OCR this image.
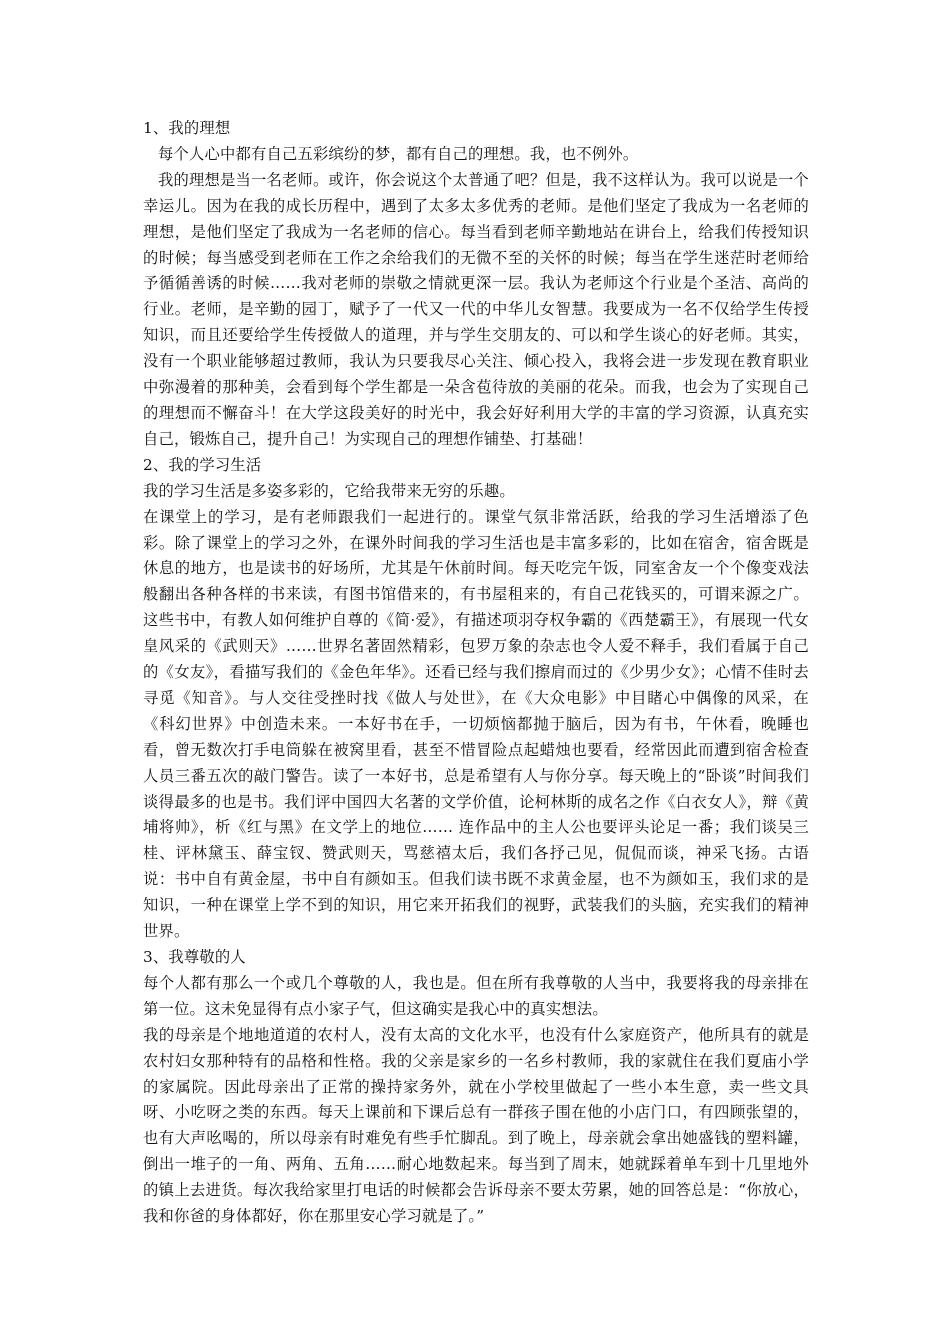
1、我的理想

每个人心中都有自己五彩缤纷的梦，都有自己的理想。我，也不例外。

我的理想是当一名老师。或许，你会说这个太普通了吧？但是，我不这样认为。我可以说是一个幸运儿。因为在我的成长历程中，遇到了太多太多优秀的老师。是他们坚定了我成为一名老师的理想，是他们坚定了我成为一名老师的信心。每当看到老师辛勤地站在讲台上，给我们传授知识的时候；每当感受到老师在工作之余给我们的无微不至的关怀的时候；每当在学生迷茫时老师给予循循善诱的时候……我对老师的崇敬之情就更深一层。我认为老师这个行业是个圣洁、高尚的行业。老师，是辛勤的园丁，赋予了一代又一代的中华儿女智慧。我要成为一名不仅给学生传授知识，而且还要给学生传授做人的道理，并与学生交朋友的、可以和学生谈心的好老师。其实，没有一个职业能够超过教师，我认为只要我尽心关注、倾心投入，我将会进一步发现在教育职业中弥漫着的那种美，会看到每个学生都是一朵含苞待放的美丽的花朵。而我，也会为了实现自己的理想而不懈奋斗！在大学这段美好的时光中，我会好好利用大学的丰富的学习资源，认真充实自己，锻炼自己，提升自己！为实现自己的理想作铺垫、打基础！

2、我的学习生活

我的学习生活是多姿多彩的，它给我带来无穷的乐趣。

在课堂上的学习，是有老师跟我们一起进行的。课堂气氛非常活跃，给我的学习生活增添了色彩。除了课堂上的学习之外，在课外时间我的学习生活也是丰富多彩的，比如在宿舍，宿舍既是休息的地方，也是读书的好场所，尤其是午休前时间。每天吃完午饭，同室舍友一个个像变戏法般翻出各种各样的书来读，有图书馆借来的，有书屋租来的，有自己花钱买的，可谓来源之广。这些书中，有教人如何维护自尊的《简·爱》，有描述项羽夺权争霸的《西楚霸王》，有展现一代女皇风采的《武则天》……世界名著固然精彩，包罗万象的杂志也令人爱不释手，我们看属于自己的《女友》，看描写我们的《金色年华》。还看已经与我们擦肩而过的《少男少女》；心情不佳时去寻觅《知音》。与人交往受挫时找《做人与处世》，在《大众电影》中目睹心中偶像的风采，在《科幻世界》中创造未来。一本好书在手，一切烦恼都抛于脑后，因为有书，午休看，晚睡也看，曾无数次打手电筒躲在被窝里看，甚至不惜冒险点起蜡烛也要看，经常因此而遭到宿舍检查人员三番五次的敲门警告。读了一本好书，总是希望有人与你分享。每天晚上的“卧谈”时间我们谈得最多的也是书。我们评中国四大名著的文学价值，论柯林斯的成名之作《白衣女人》，辩《黄埔将帅》，析《红与黑》在文学上的地位…… 连作品中的主人公也要评头论足一番；我们谈吴三桂、评林黛玉、薛宝钗、赞武则天，骂慈禧太后，我们各抒己见，侃侃而谈，神采飞扬。古语说：书中自有黄金屋，书中自有颜如玉。但我们读书既不求黄金屋，也不为颜如玉，我们求的是知识，一种在课堂上学不到的知识，用它来开拓我们的视野，武装我们的头脑，充实我们的精神世界。

3、我尊敬的人

每个人都有那么一个或几个尊敬的人，我也是。但在所有我尊敬的人当中，我要将我的母亲排在第一位。这未免显得有点小家子气，但这确实是我心中的真实想法。

我的母亲是个地地道道的农村人，没有太高的文化水平，也没有什么家庭资产，他所具有的就是农村妇女那种特有的品格和性格。我的父亲是家乡的一名乡村教师，我的家就住在我们夏庙小学的家属院。因此母亲出了正常的操持家务外，就在小学校里做起了一些小本生意，卖一些文具呀、小吃呀之类的东西。每天上课前和下课后总有一群孩子围在他的小店门口，有四顾张望的，也有大声吆喝的，所以母亲有时难免有些手忙脚乱。到了晚上，母亲就会拿出她盛钱的塑料罐，倒出一堆子的一角、两角、五角……耐心地数起来。每当到了周末，她就踩着单车到十几里地外的镇上去进货。每次我给家里打电话的时候都会告诉母亲不要太劳累，她的回答总是：“你放心，我和你爸的身体都好，你在那里安心学习就是了。”
